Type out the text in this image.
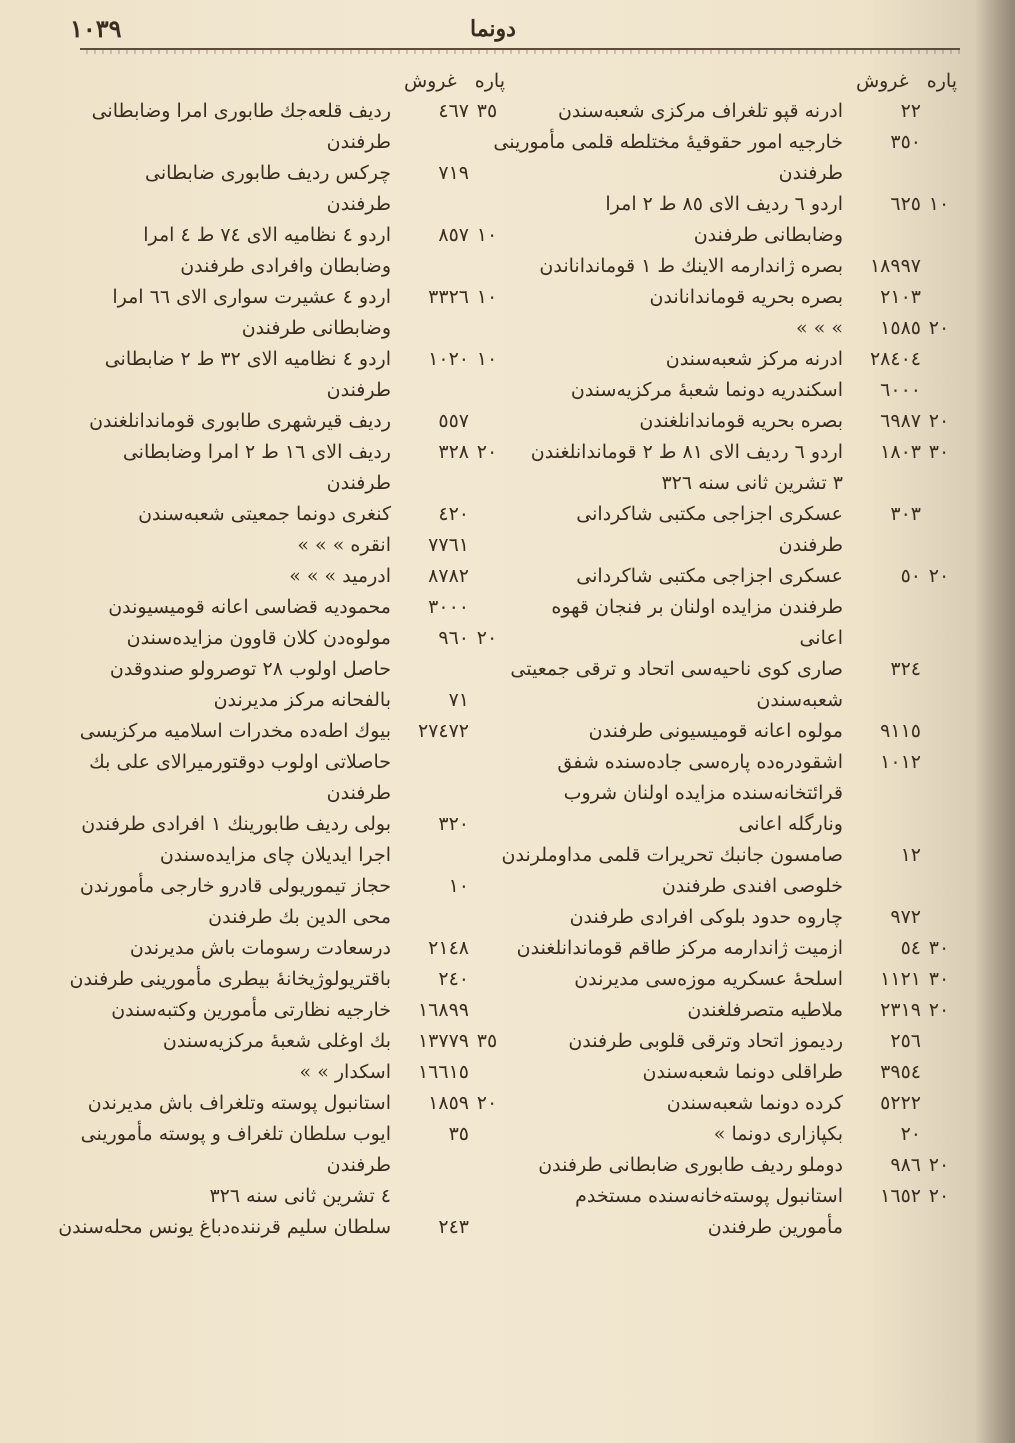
١٠٣٩	دونما
پاره غروش
٢٢
ادرنه قپو تلغراف مركزى شعبه‌سندن
٣٥٠
خارجيه امور حقوقيهٔ مختلطه قلمى مأمورينى
طرفندن
١٠
٦٢٥
اردو ٦ رديف الاى ٨٥ ط ٢ امرا
وضابطانى طرفندن
١٨٩٩٧
بصره ژاندارمه الاينك ط ١ قومانداناندن
٢١٠٣
بصره بحريه قومانداناندن
٢٠
١٥٨٥
» » »
٢٨٤٠٤
ادرنه مركز شعبه‌سندن
٦٠٠٠
اسكندريه دونما شعبهٔ مركزيه‌سندن
٢٠
٦٩٨٧
بصره بحريه قوماندانلغندن
٣٠
١٨٠٣
اردو ٦ ردیف الاى ٨١ ط ٢ قوماندانلغندن
٣ تشرين ثانى سنه ٣٢٦
٣٠٣
عسكرى اجزاجى مكتبى شاكردانى
طرفندن
٢٠
٥٠
عسكرى اجزاجى مكتبى شاكردانى
طرفندن مزايده اولنان بر فنجان قهوه
اعانى
٣٢٤
صارى كوى ناحيه‌سى اتحاد و ترقى جمعيتى
شعبه‌سندن
٩١١٥
مولوه اعانه قوميسيونى طرفندن
١٠١٢
اشقودره‌ده پاره‌سى جاده‌سنده شفق
قرائتخانه‌سنده مزايده اولنان شروب
ونارگله اعانى
١٢
صامسون جانبك تحريرات قلمى مداوملرندن
خلوصى افندى طرفندن
٩٧٢
چاروه حدود بلوكى افرادى طرفندن
٣٠
٥٤
ازميت ژاندارمه مركز طاقم قوماندانلغندن
٣٠
١١٢١
اسلحهٔ عسكريه موزه‌سى مديرندن
٢٠
٢٣١٩
ملاطيه متصرفلغندن
٢٥٦
رديموز اتحاد وترقى قلوبى طرفندن
٣٩٥٤
طراقلى دونما شعبه‌سندن
٥٢٢٢
كرده دونما شعبه‌سندن
٢٠
بكپازارى دونما »
٢٠
٩٨٦
دوملو رديف طابورى ضابطانى طرفندن
٢٠
١٦٥٢
استانبول پوسته‌خانه‌سنده مستخدم
مأمورين طرفندن
پاره غروش
٣٥
٤٦٧
رديف قلعه‌جك طابورى امرا وضابطانى
طرفندن
٧١٩
چركس رديف طابورى ضابطانى
طرفندن
١٠
٨٥٧
اردو ٤ نظاميه الاى ٧٤ ط ٤ امرا
وضابطان وافرادى طرفندن
١٠
٣٣٢٦
اردو ٤ عشيرت سوارى الاى ٦٦ امرا
وضابطانى طرفندن
١٠
١٠٢٠
اردو ٤ نظاميه الاى ٣٢ ط ٢ ضابطانى
طرفندن
٥٥٧
رديف قيرشهرى طابورى قوماندانلغندن
٢٠
٣٢٨
رديف الاى ١٦ ط ٢ امرا وضابطانى
طرفندن
٤٢٠
كنغرى دونما جمعيتى شعبه‌سندن
٧٧٦١
انقره » » »
٨٧٨٢
ادرميد » » »
٣٠٠٠
محموديه قضاسى اعانه قوميسيوندن
٢٠
٩٦٠
مولوه‌دن كلان قاوون مزايده‌سندن
حاصل اولوب ٢٨ توصرولو صندوقدن
٧١
بالفحانه مركز مديرندن
٢٧٤٧٢
بيوك اطه‌ده مخدرات اسلاميه مركزيسى
حاصلاتى اولوب دوقتورميرالاى على بك
طرفندن
٣٢٠
بولى رديف طابورينك ١ افرادى طرفندن
اجرا ايديلان چاى مزايده‌سندن
١٠
حجاز تيموريولى قادرو خارجى مأمورندن
محى الدين بك طرفندن
٢١٤٨
درسعادت رسومات باش مديرندن
٢٤٠
باقتريولوژيخانهٔ بيطرى مأمورينى طرفندن
١٦٨٩٩
خارجيه نظارتى مأمورين وكتبه‌سندن
٣٥
١٣٧٧٩
بك اوغلى شعبهٔ مركزيه‌سندن
١٦٦١٥
اسكدار » »
٢٠
١٨٥٩
استانبول پوسته وتلغراف باش مديرندن
٣٥
ايوب سلطان تلغراف و پوسته مأمورينى
طرفندن
٤ تشرين ثانى سنه ٣٢٦
٢٤٣
سلطان سليم قرننده‌دباغ يونس محله‌سندن
